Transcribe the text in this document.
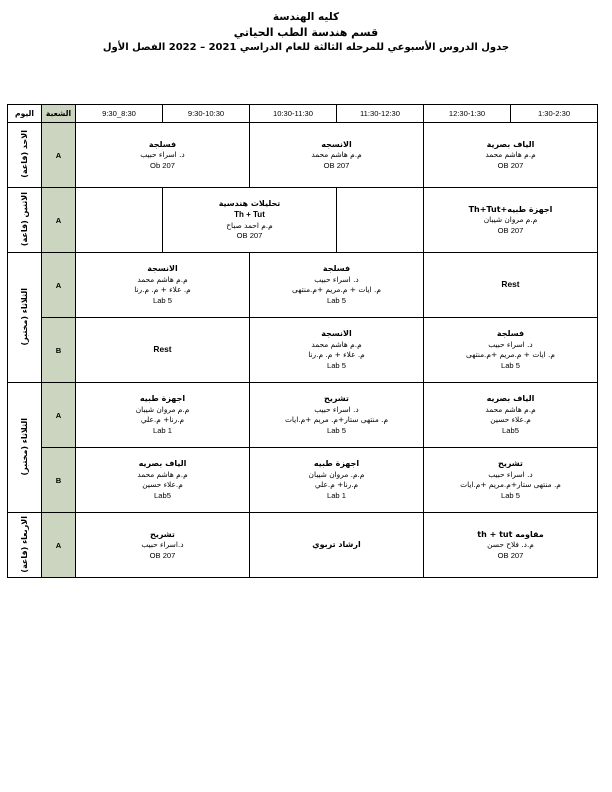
كليه الهندسة
قسم هندسة الطب الحياتي
جدول الدروس الأسبوعي للمرحله الثالثة للعام الدراسي 2021 – 2022 الفصل الأول
1:30-2:30	12:30-1:30	11:30-12:30	10:30-11:30	9:30-10:30	8:30_9:30	الشعبة	اليوم

الياف بصرية
م.م هاشم محمد
OB 207		الانسجه
م.م هاشم محمد
OB 207		فسلجة
د. اسراء حبيب
Ob 207		A	الاحد (قاعة)

اجهزة طبيه+Th+Tut
م.م مروان شيبان
OB 207			تحليلات هندسية
Th + Tut
م.م احمد صباح
OB 207			A	الاثنين (قاعة)

Rest		فسلجة
د. اسراء حبيب
م. ايات + م.مريم +م.منتهى
Lab 5		الانسجة
م.م هاشم محمد
م. علاء + م. م.رنا
Lab 5		A	الثلاثاء (مختبر)

فسلجة
د. اسراء حبيب
م. ايات + م.مريم +م.منتهى
Lab 5		الانسجة
م.م هاشم محمد
م. علاء + م. م.رنا
Lab 5		Rest		B	

الياف بصريه
م.م هاشم محمد
م.علاء حسين
Lab5		تشريح
د. اسراء حبيب
م. منتهى ستار+م. مريم +م.ايات
Lab 5		اجهزة طبيه
م.م مروان شيبان
م.رنا+ م.علي
Lab 1		A	الثلاثاء (مختبر)

تشريح
د. اسراء حبيب
م. منتهى ستار+م.مريم +م.ايات
Lab 5		اجهزة طبيه
م.م. مروان شيبان
م.رنا+ م.علي
Lab 1		الياف بصريه
م.م هاشم محمد
م.علاء حسين
Lab5		B	

مقاومه th + tut
م.د. فلاح حسن
OB 207		ارشاد تربوي		تشريح
د.اسراء حبيب
OB 207		A	الاربعاء (قاعة)
